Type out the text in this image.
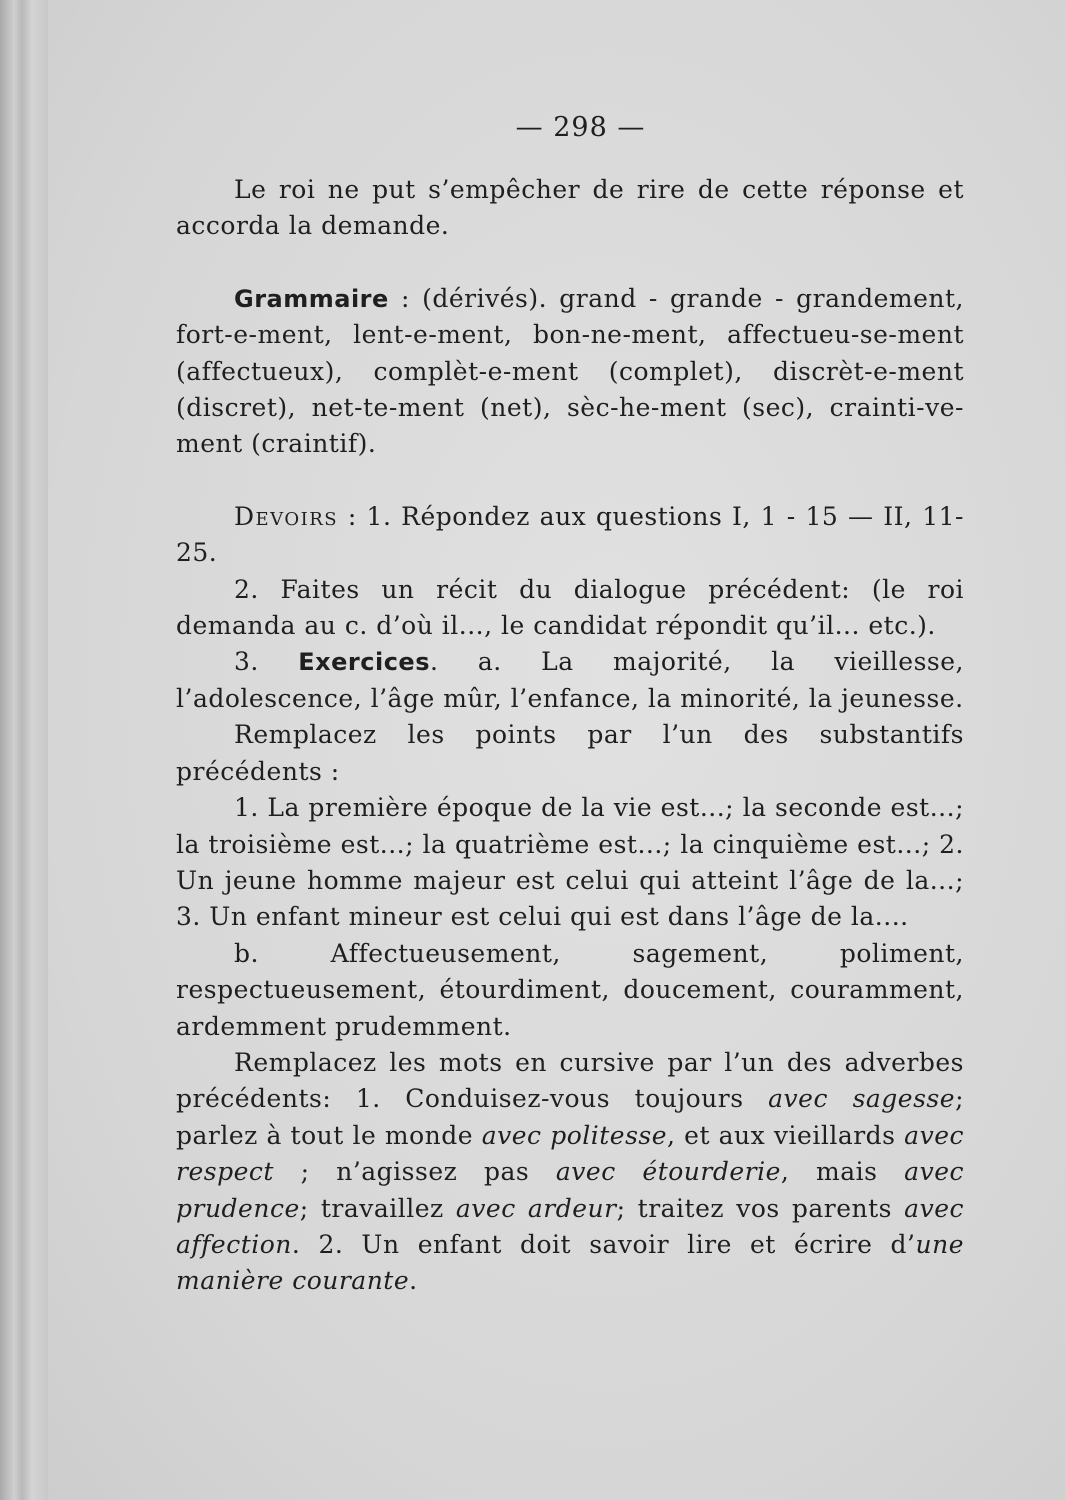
— 298 —

Le roi ne put s’empêcher de rire de cette réponse et accorda la demande.

Grammaire : (dérivés). grand - grande - grandement, fort-e-ment, lent-e-ment, bon-ne-ment, affectueu-se-ment (affectueux), complèt-e-ment (complet), discrèt-e-ment (discret), net-te-ment (net), sèc-he-ment (sec), crainti-ve-ment (craintif).

Devoirs : 1. Répondez aux questions I, 1 - 15 — II, 11-25.

2. Faites un récit du dialogue précédent: (le roi demanda au c. d’où il..., le candidat répondit qu’il... etc.).

3. Exercices. a. La majorité, la vieillesse, l’adolescence, l’âge mûr, l’enfance, la minorité, la jeunesse.

Remplacez les points par l’un des substantifs précédents :

1. La première époque de la vie est...; la seconde est...; la troisième est...; la quatrième est...; la cinquième est...; 2. Un jeune homme majeur est celui qui atteint l’âge de la...; 3. Un enfant mineur est celui qui est dans l’âge de la....

b. Affectueusement, sagement, poliment, respectueusement, étourdiment, doucement, couramment, ardemment prudemment.

Remplacez les mots en cursive par l’un des adverbes précédents: 1. Conduisez-vous toujours avec sagesse; parlez à tout le monde avec politesse, et aux vieillards avec respect ; n’agissez pas avec étourderie, mais avec prudence; travaillez avec ardeur; traitez vos parents avec affection. 2. Un enfant doit savoir lire et écrire d’une manière courante.
